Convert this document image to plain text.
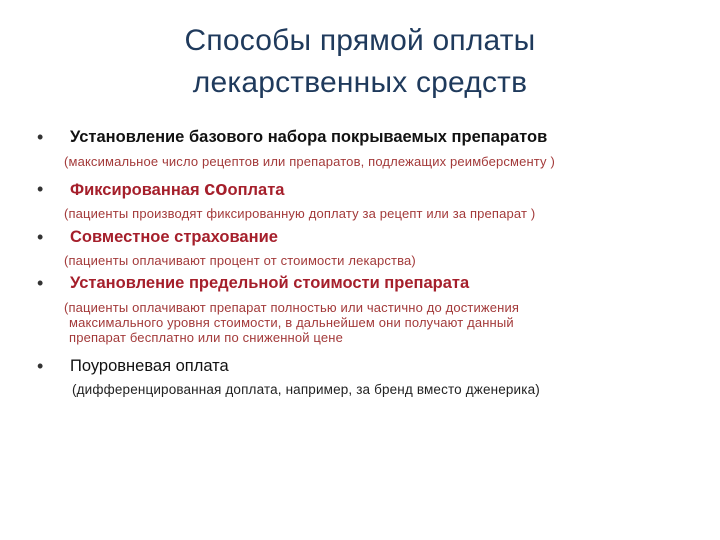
Способы прямой оплаты
лекарственных средств
• Установление базового набора покрываемых препаратов
(максимальное число рецептов или препаратов, подлежащих реимберсменту )
• Фиксированная сооплата
(пациенты производят фиксированную доплату за рецепт или за препарат )
• Совместное страхование
(пациенты оплачивают процент от стоимости лекарства)
• Установление предельной стоимости препарата
(пациенты оплачивают препарат полностью или частично до достижения
максимального уровня стоимости, в дальнейшем они получают данный
препарат бесплатно или по сниженной цене
• Поуровневая оплата
(дифференцированная доплата, например, за бренд вместо дженерика)
